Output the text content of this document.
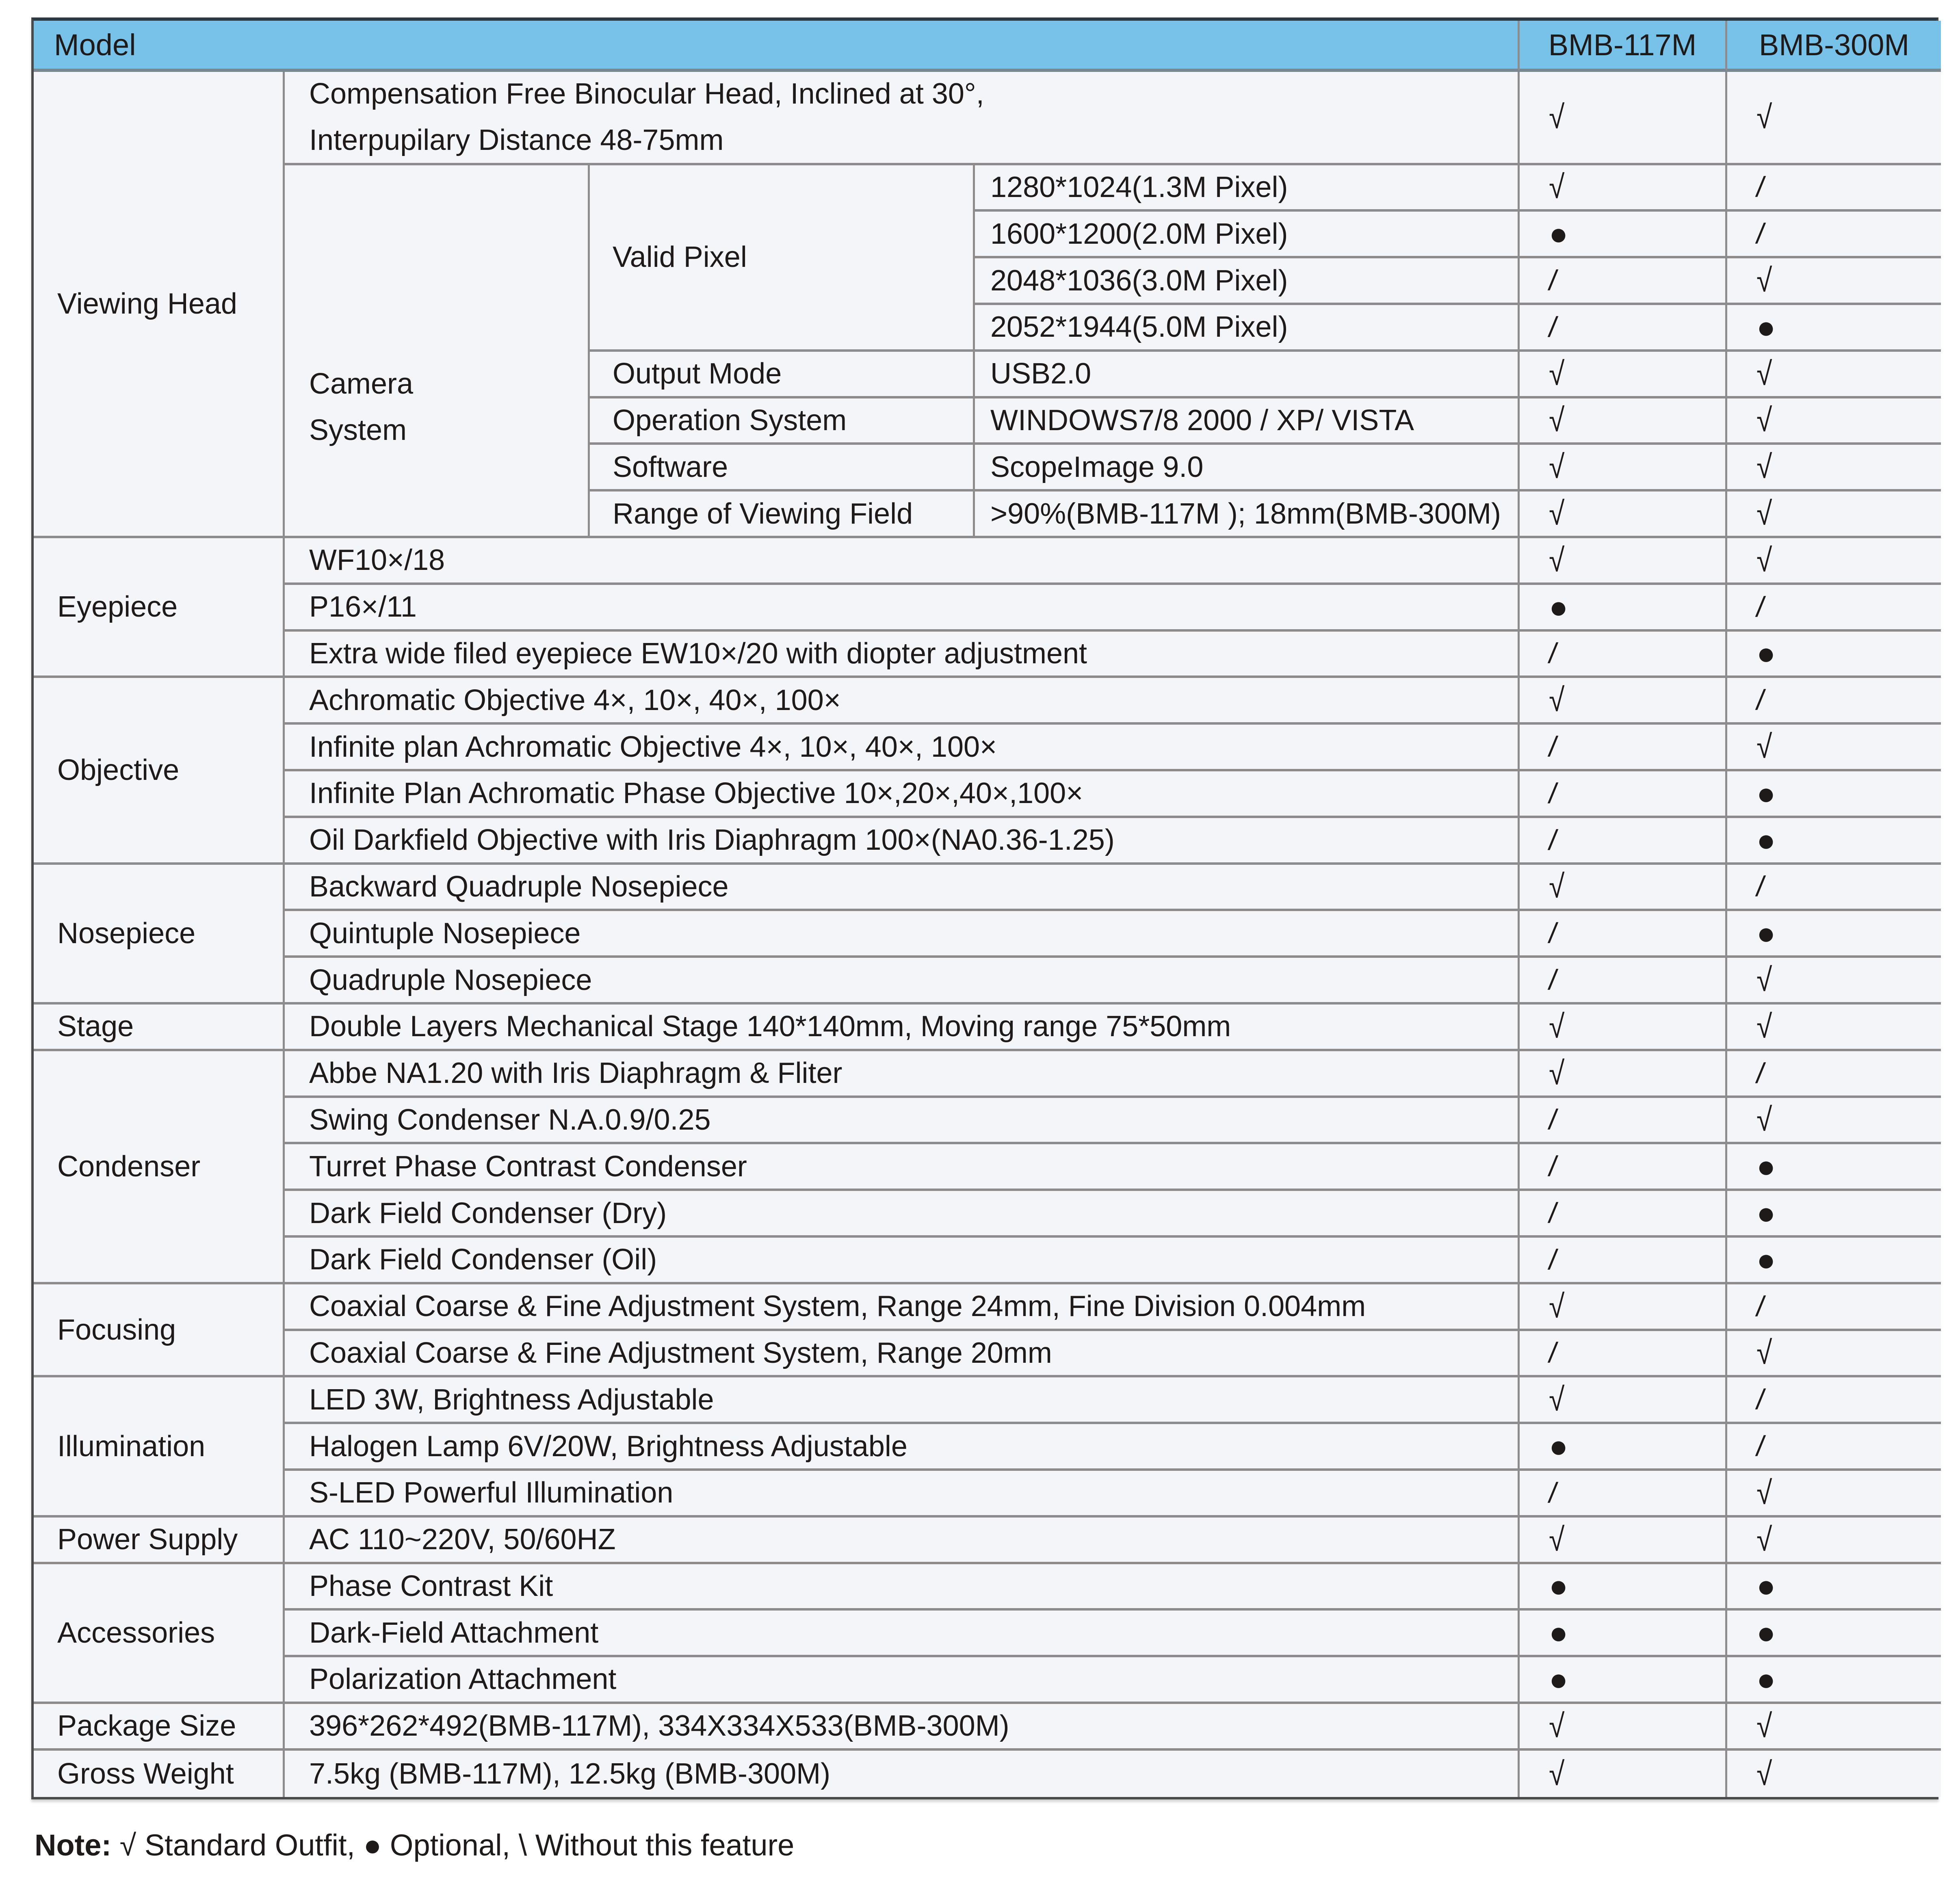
Model	BMB-117M	BMB-300M
Viewing Head
Compensation Free Binocular Head, Inclined at 30°,
Interpupilary Distance 48-75mm
√	√
Camera
System
Valid Pixel
1280*1024(1.3M Pixel)	√	/
1600*1200(2.0M Pixel)	●	/
2048*1036(3.0M Pixel)	/	√
2052*1944(5.0M Pixel)	/	●
Output Mode	USB2.0	√	√
Operation System	WINDOWS7/8 2000 / XP/ VISTA	√	√
Software	ScopeImage 9.0	√	√
Range of Viewing Field	>90%(BMB-117M ); 18mm(BMB-300M)	√	√
Eyepiece
WF10×/18	√	√
P16×/11	●	/
Extra wide filed eyepiece EW10×/20 with diopter adjustment	/	●
Objective
Achromatic Objective 4×, 10×, 40×, 100×	√	/
Infinite plan Achromatic Objective 4×, 10×, 40×, 100×	/	√
Infinite Plan Achromatic Phase Objective 10×,20×,40×,100×	/	●
Oil Darkfield Objective with Iris Diaphragm 100×(NA0.36-1.25)	/	●
Nosepiece
Backward Quadruple Nosepiece	√	/
Quintuple Nosepiece	/	●
Quadruple Nosepiece	/	√
Stage	Double Layers Mechanical Stage 140*140mm, Moving range 75*50mm	√	√
Condenser
Abbe NA1.20 with Iris Diaphragm & Fliter	√	/
Swing Condenser N.A.0.9/0.25	/	√
Turret Phase Contrast Condenser	/	●
Dark Field Condenser (Dry)	/	●
Dark Field Condenser (Oil)	/	●
Focusing
Coaxial Coarse & Fine Adjustment System, Range 24mm, Fine Division 0.004mm	√	/
Coaxial Coarse & Fine Adjustment System, Range 20mm	/	√
Illumination
LED 3W, Brightness Adjustable	√	/
Halogen Lamp 6V/20W, Brightness Adjustable	●	/
S-LED Powerful Illumination	/	√
Power Supply	AC 110~220V, 50/60HZ	√	√
Accessories
Phase Contrast Kit	●	●
Dark-Field Attachment	●	●
Polarization Attachment	●	●
Package Size	396*262*492(BMB-117M), 334X334X533(BMB-300M)	√	√
Gross Weight	7.5kg (BMB-117M), 12.5kg (BMB-300M)	√	√
Note: √ Standard Outfit, ● Optional, \ Without this feature
